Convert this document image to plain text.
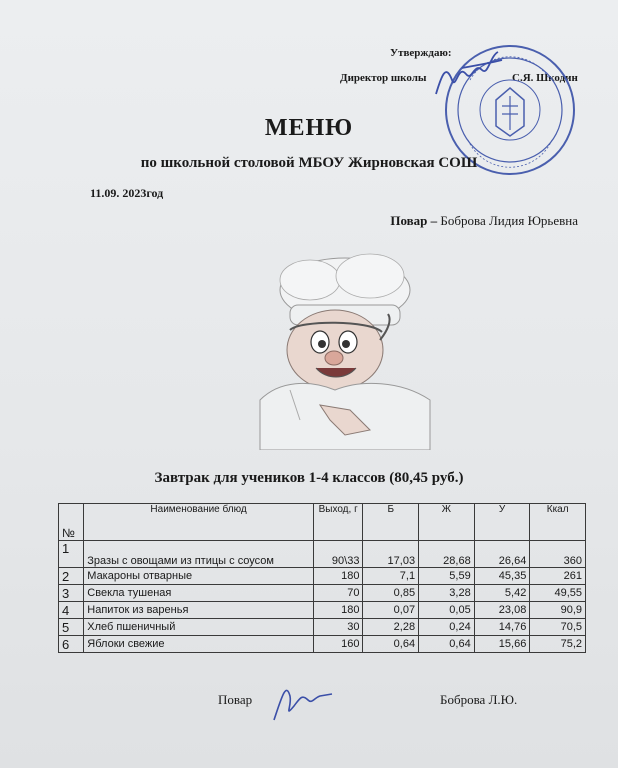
Утверждаю:
Директор школы	С.Я. Шкодин
МЕНЮ
по школьной столовой МБОУ Жирновская СОШ
11.09. 2023год
Повар – Боброва Лидия Юрьевна
Завтрак для учеников 1-4 классов (80,45 руб.)
№	Наименование блюд	Выход, г	Б	Ж	У	Ккал
1	Зразы с овощами из птицы с соусом	90\33	17,03	28,68	26,64	360
2	Макароны отварные	180	7,1	5,59	45,35	261
3	Свекла тушеная	70	0,85	3,28	5,42	49,55
4	Напиток из варенья	180	0,07	0,05	23,08	90,9
5	Хлеб пшеничный	30	2,28	0,24	14,76	70,5
6	Яблоки свежие	160	0,64	0,64	15,66	75,2
Повар	Боброва Л.Ю.
